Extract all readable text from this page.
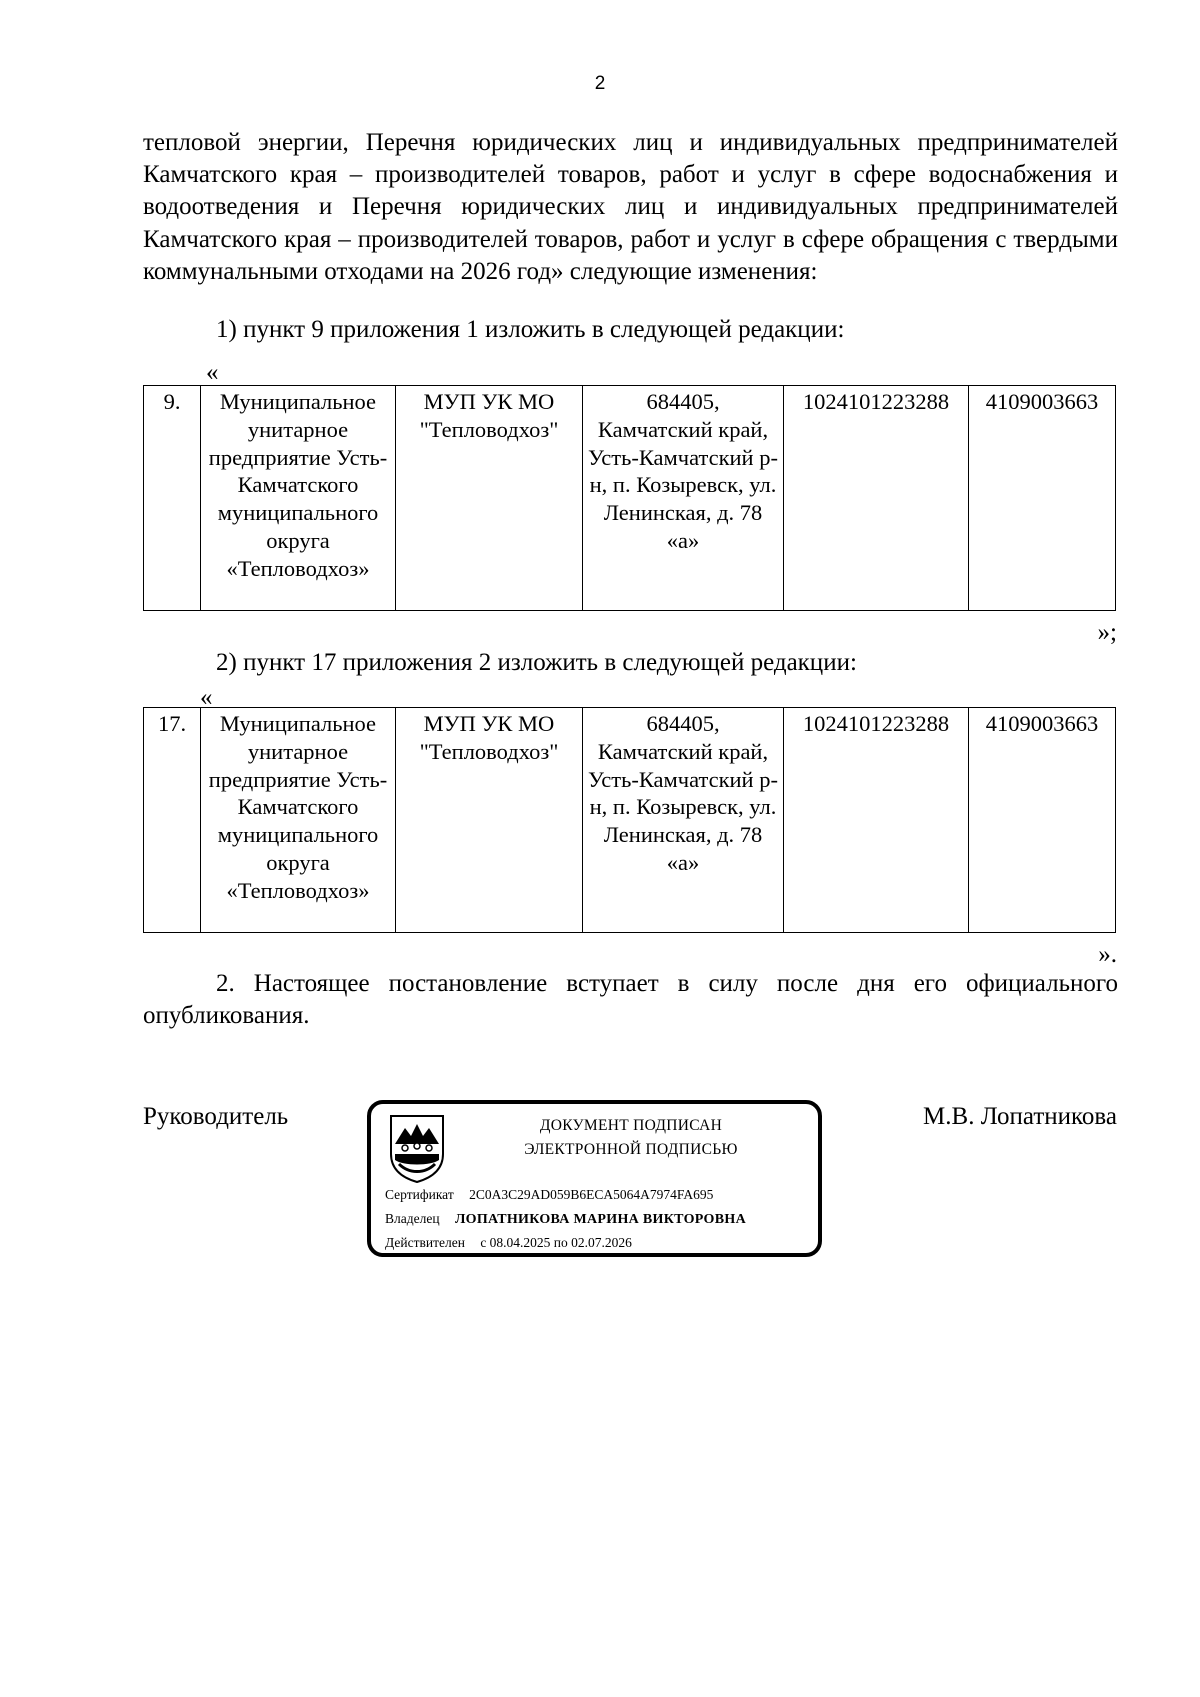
2
тепловой энергии, Перечня юридических лиц и индивидуальных предпринимателей Камчатского края – производителей товаров, работ и услуг в сфере водоснабжения и водоотведения и Перечня юридических лиц и индивидуальных предпринимателей Камчатского края – производителей товаров, работ и услуг в сфере обращения с твердыми коммунальными отходами на 2026 год» следующие изменения:
1) пункт 9 приложения 1 изложить в следующей редакции:
«
9.	Муниципальное унитарное предприятие Усть-Камчатского муниципального округа «Тепловодхоз»	МУП УК МО "Тепловодхоз"	684405, Камчатский край, Усть-Камчатский р-н, п. Козыревск, ул. Ленинская, д. 78 «а»	1024101223288	4109003663
»;
2) пункт 17 приложения 2 изложить в следующей редакции:
«
17.	Муниципальное унитарное предприятие Усть-Камчатского муниципального округа «Тепловодхоз»	МУП УК МО "Тепловодхоз"	684405, Камчатский край, Усть-Камчатский р-н, п. Козыревск, ул. Ленинская, д. 78 «а»	1024101223288	4109003663
».
2. Настоящее постановление вступает в силу после дня его официального опубликования.
Руководитель	ДОКУМЕНТ ПОДПИСАН
ЭЛЕКТРОННОЙ ПОДПИСЬЮ
Сертификат 2C0A3C29AD059B6ECA5064A7974FA695
Владелец ЛОПАТНИКОВА МАРИНА ВИКТОРОВНА
Действителен с 08.04.2025 по 02.07.2026
М.В. Лопатникова
